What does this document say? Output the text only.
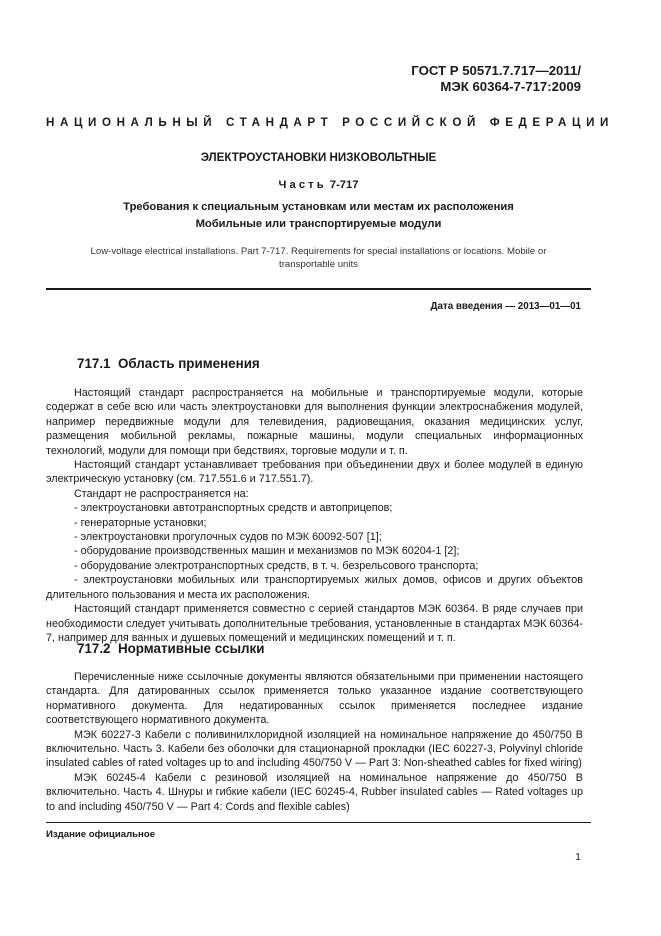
ГОСТ Р 50571.7.717—2011/
МЭК 60364-7-717:2009
НАЦИОНАЛЬНЫЙ СТАНДАРТ РОССИЙСКОЙ ФЕДЕРАЦИИ
ЭЛЕКТРОУСТАНОВКИ НИЗКОВОЛЬТНЫЕ
Ч а с т ь  7-717
Требования к специальным установкам или местам их расположения
Мобильные или транспортируемые модули
Low-voltage electrical installations. Part 7-717. Requirements for special installations or locations. Mobile or
transportable units
Дата введения — 2013—01—01
717.1  Область применения

Настоящий стандарт распространяется на мобильные и транспортируемые модули, которые содержат в себе всю или часть электроустановки для выполнения функции электроснабжения модулей, например передвижные модули для телевидения, радиовещания, оказания медицинских услуг, размещения мобильной рекламы, пожарные машины, модули специальных информационных технологий, модули для помощи при бедствиях, торговые модули и т. п.

Настоящий стандарт устанавливает требования при объединении двух и более модулей в единую электрическую установку (см. 717.551.6 и 717.551.7).

Стандарт не распространяется на:

- электроустановки автотранспортных средств и автоприцепов;

- генераторные установки;

- электроустановки прогулочных судов по МЭК 60092-507 [1];

- оборудование производственных машин и механизмов по МЭК 60204-1 [2];

- оборудование электротранспортных средств, в т. ч. безрельсового транспорта;

- электроустановки мобильных или транспортируемых жилых домов, офисов и других объектов длительного пользования и места их расположения.

Настоящий стандарт применяется совместно с серией стандартов МЭК 60364. В ряде случаев при необходимости следует учитывать дополнительные требования, установленные в стандартах МЭК 60364-7, например для ванных и душевых помещений и медицинских помещений и т. п.

717.2  Нормативные ссылки

Перечисленные ниже ссылочные документы являются обязательными при применении настоящего стандарта. Для датированных ссылок применяется только указанное издание соответствующего нормативного документа. Для недатированных ссылок применяется последнее издание соответствующего нормативного документа.

МЭК 60227-3 Кабели с поливинилхлоридной изоляцией на номинальное напряжение до 450/750 В включительно. Часть 3. Кабели без оболочки для стационарной прокладки (IEC 60227-3, Polyvinyl chloride insulated cables of rated voltages up to and including 450/750 V — Part 3: Non-sheathed cables for fixed wiring)

МЭК 60245-4 Кабели с резиновой изоляцией на номинальное напряжение до 450/750 В включительно. Часть 4. Шнуры и гибкие кабели (IEC 60245-4, Rubber insulated cables — Rated voltages up to and including 450/750 V — Part 4: Cords and flexible cables)

Издание официальное
1
